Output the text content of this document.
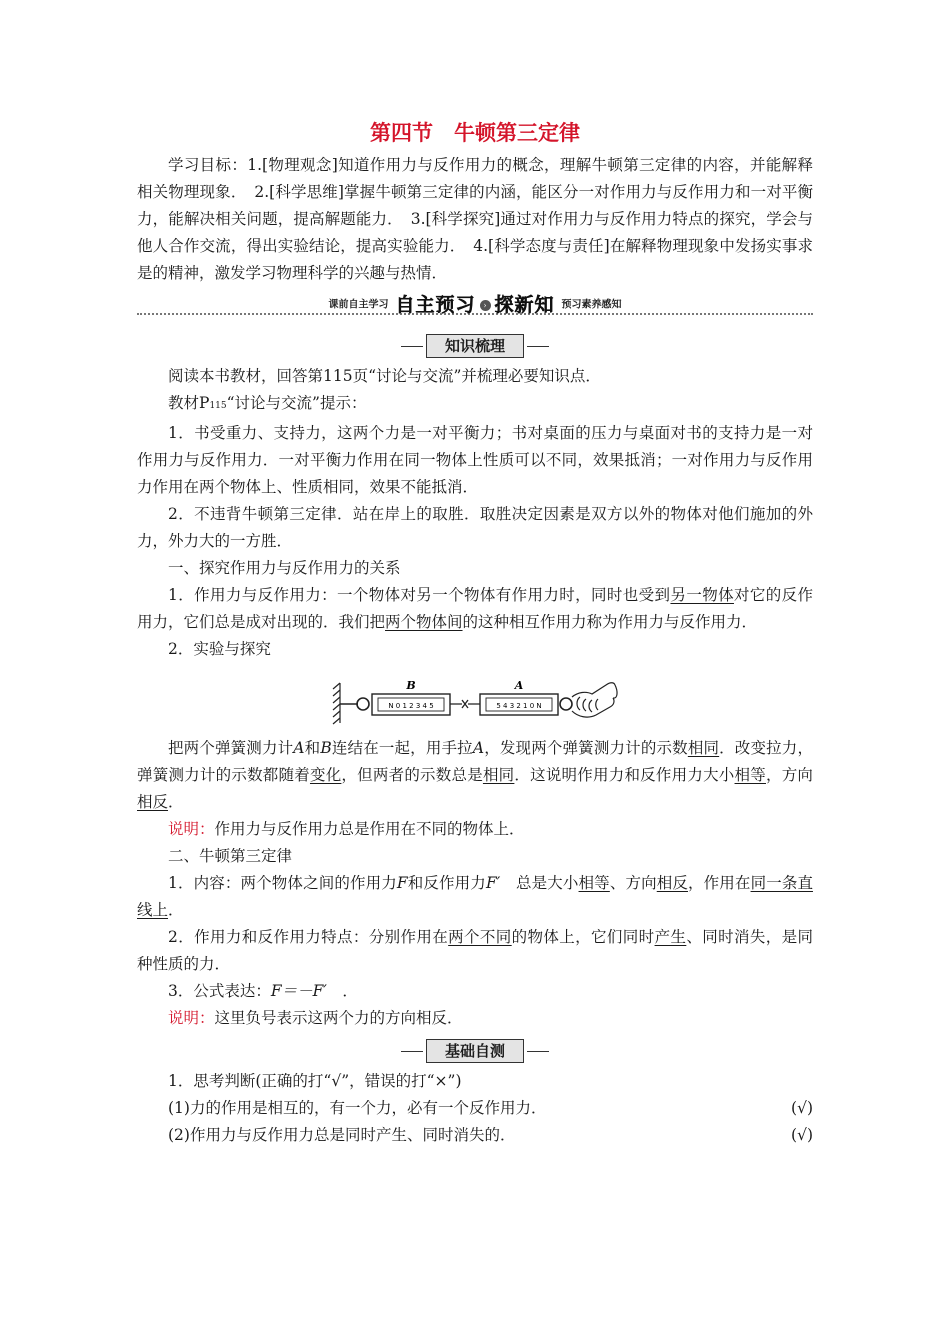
第四节　牛顿第三定律

学习目标：1.[物理观念]知道作用力与反作用力的概念，理解牛顿第三定律的内容，并能解释相关物理现象．　2.[科学思维]掌握牛顿第三定律的内涵，能区分一对作用力与反作用力和一对平衡力，能解决相关问题，提高解题能力．　3.[科学探究]通过对作用力与反作用力特点的探究，学会与他人合作交流，得出实验结论，提高实验能力．　4.[科学态度与责任]在解释物理现象中发扬实事求是的精神，激发学习物理科学的兴趣与热情．

课前自主学习 自主预习 › 探新知 预习素养感知
知识梳理

阅读本书教材，回答第115页“讨论与交流”并梳理必要知识点．

教材P115“讨论与交流”提示：

1．书受重力、支持力，这两个力是一对平衡力；书对桌面的压力与桌面对书的支持力是一对作用力与反作用力．一对平衡力作用在同一物体上性质可以不同，效果抵消；一对作用力与反作用力作用在两个物体上、性质相同，效果不能抵消．

2．不违背牛顿第三定律．站在岸上的取胜．取胜决定因素是双方以外的物体对他们施加的外力，外力大的一方胜．

一、探究作用力与反作用力的关系

1．作用力与反作用力：一个物体对另一个物体有作用力时，同时也受到另一物体对它的反作用力，它们总是成对出现的．我们把两个物体间的这种相互作用力称为作用力与反作用力．

2．实验与探究

B
N 0 1 2 3 4 5
A
5 4 3 2 1 0 N

把两个弹簧测力计A和B连结在一起，用手拉A，发现两个弹簧测力计的示数相同．改变拉力，弹簧测力计的示数都随着变化，但两者的示数总是相同．这说明作用力和反作用力大小相等，方向相反．

说明：作用力与反作用力总是作用在不同的物体上．

二、牛顿第三定律

1．内容：两个物体之间的作用力F和反作用力F′　总是大小相等、方向相反，作用在同一条直线上．

2．作用力和反作用力特点：分别作用在两个不同的物体上，它们同时产生、同时消失，是同种性质的力．

3．公式表达：F＝－F′　．

说明：这里负号表示这两个力的方向相反．

基础自测

1．思考判断(正确的打“√”，错误的打“×”)

(1)力的作用是相互的，有一个力，必有一个反作用力．	(√)
(2)作用力与反作用力总是同时产生、同时消失的．	(√)
